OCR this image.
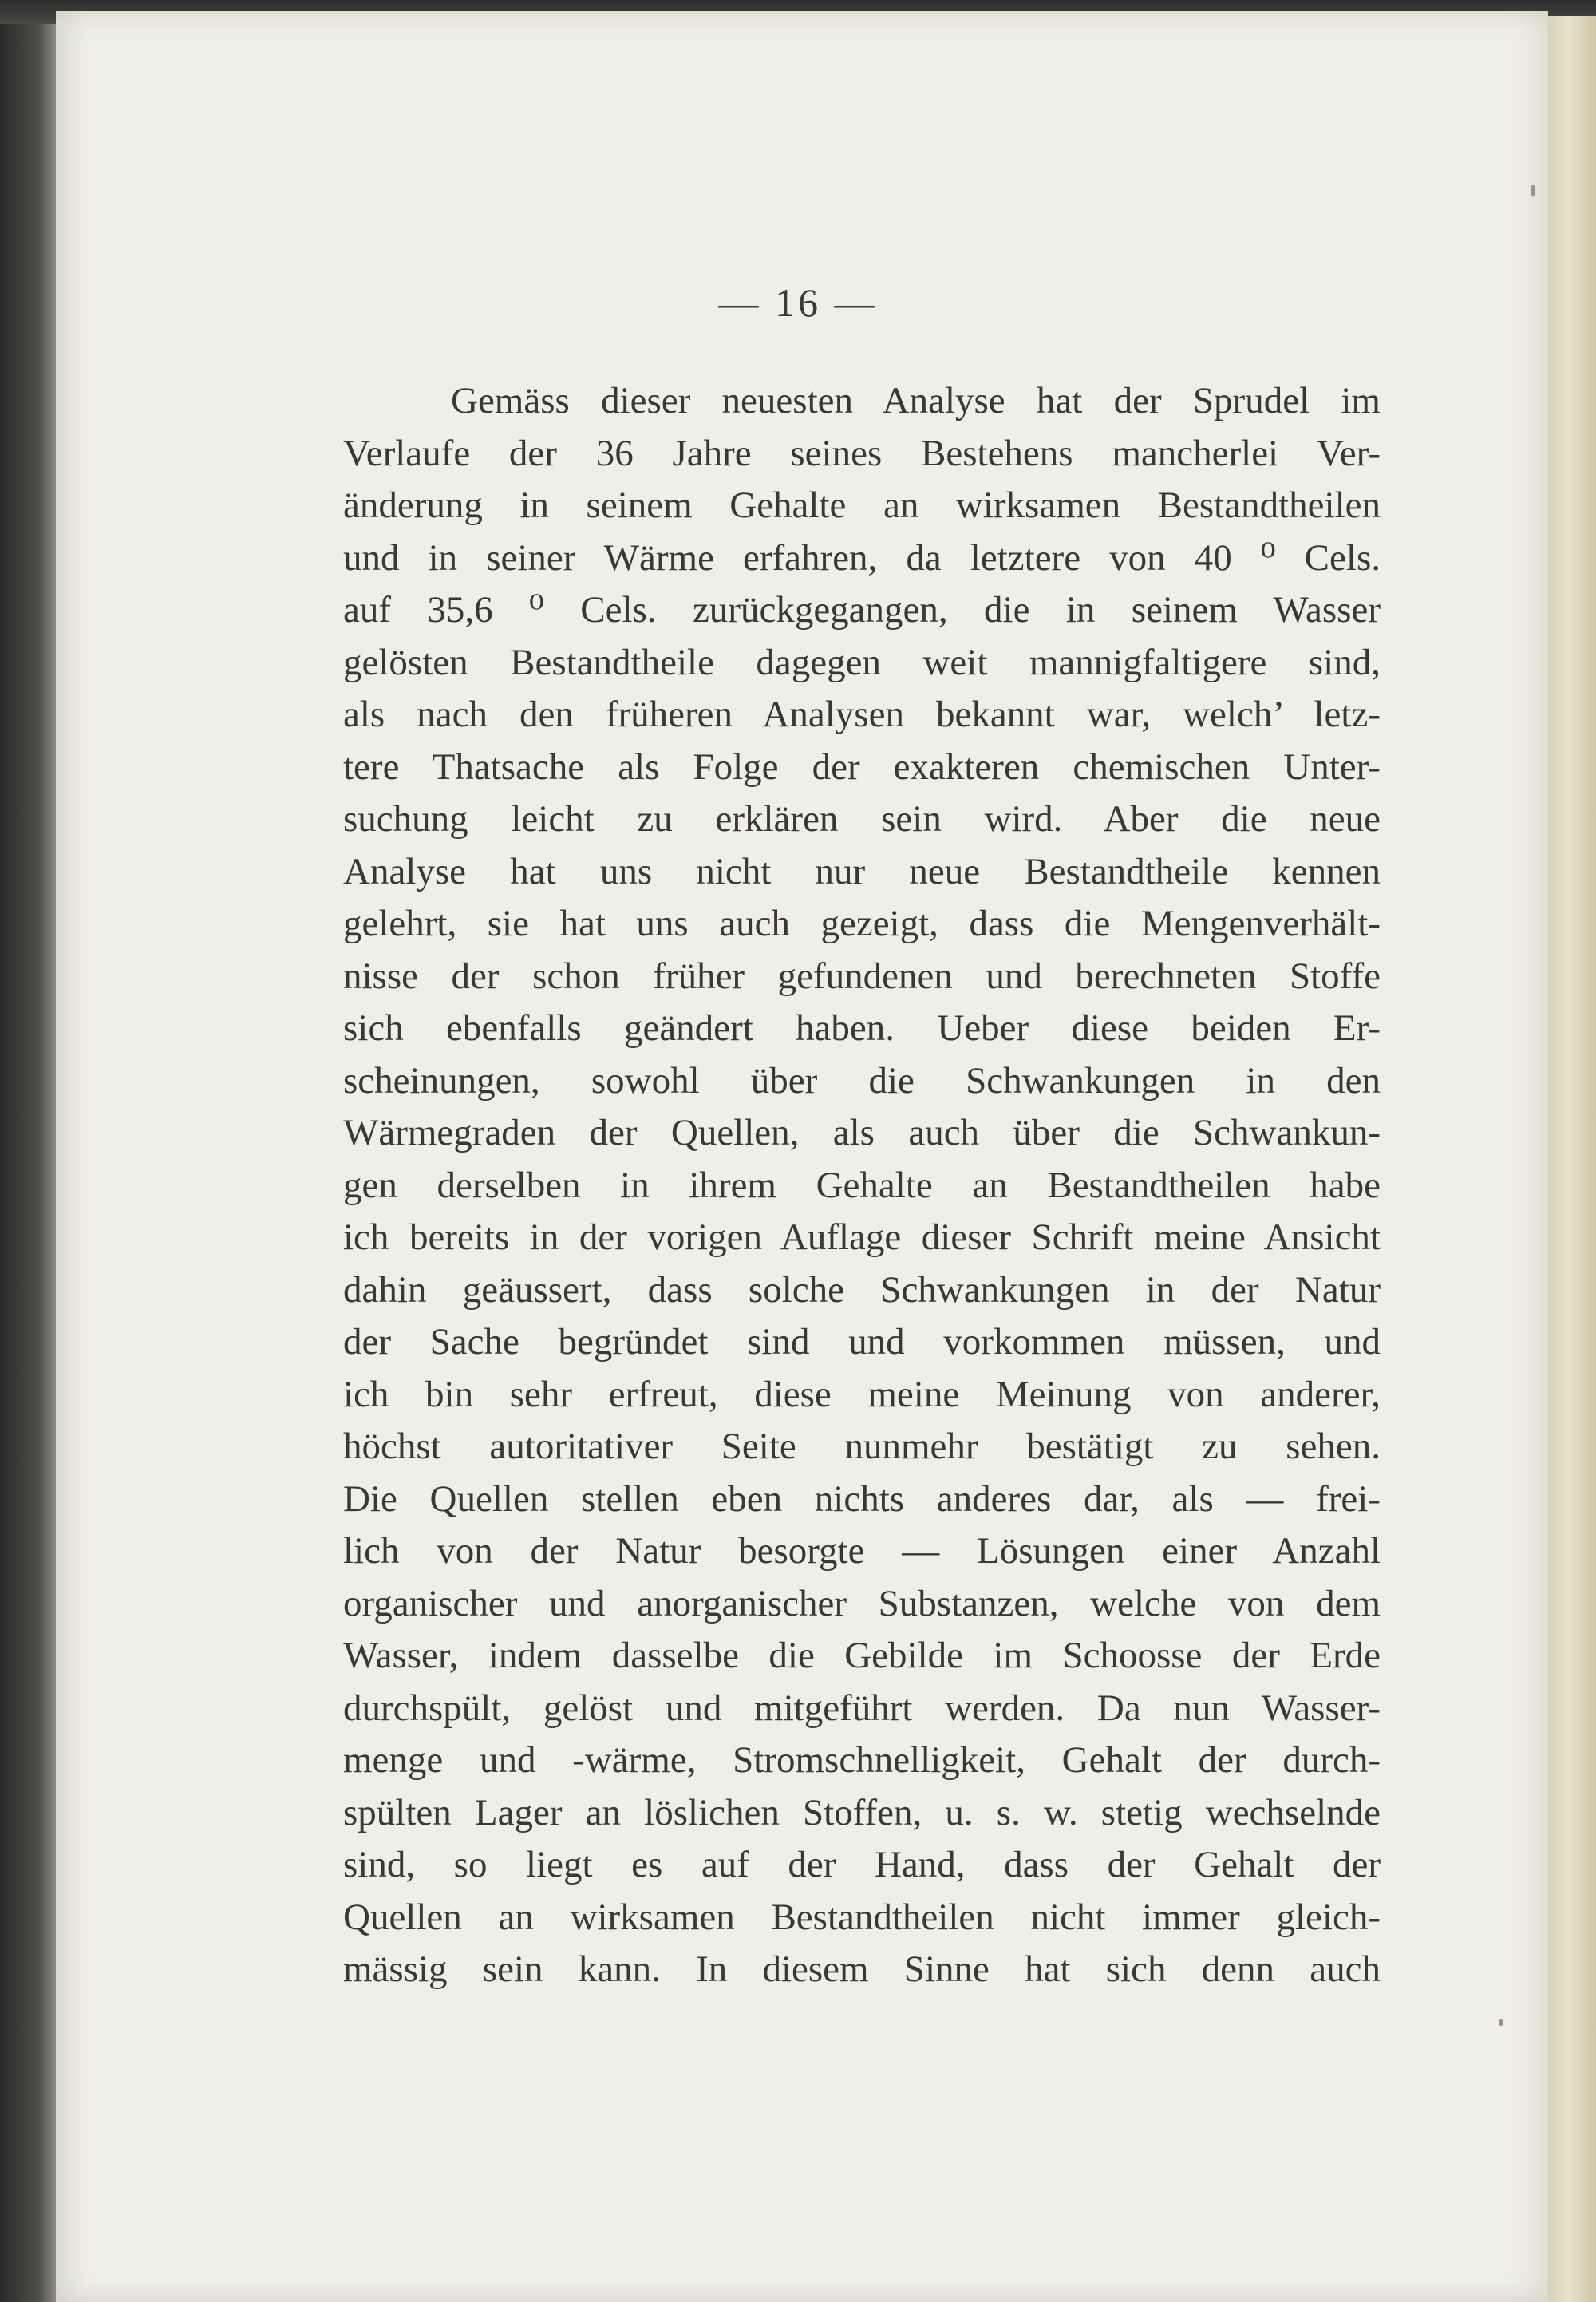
— 16 —
Gemäss dieser neuesten Analyse hat der Sprudel im
Verlaufe der 36 Jahre seines Bestehens mancherlei Ver-
änderung in seinem Gehalte an wirksamen Bestandtheilen
und in seiner Wärme erfahren, da letztere von 40 ⁰ Cels.
auf 35,6 ⁰ Cels. zurückgegangen, die in seinem Wasser
gelösten Bestandtheile dagegen weit mannigfaltigere sind,
als nach den früheren Analysen bekannt war, welch’ letz-
tere Thatsache als Folge der exakteren chemischen Unter-
suchung leicht zu erklären sein wird. Aber die neue
Analyse hat uns nicht nur neue Bestandtheile kennen
gelehrt, sie hat uns auch gezeigt, dass die Mengenverhält-
nisse der schon früher gefundenen und berechneten Stoffe
sich ebenfalls geändert haben. Ueber diese beiden Er-
scheinungen, sowohl über die Schwankungen in den
Wärmegraden der Quellen, als auch über die Schwankun-
gen derselben in ihrem Gehalte an Bestandtheilen habe
ich bereits in der vorigen Auflage dieser Schrift meine Ansicht
dahin geäussert, dass solche Schwankungen in der Natur
der Sache begründet sind und vorkommen müssen, und
ich bin sehr erfreut, diese meine Meinung von anderer,
höchst autoritativer Seite nunmehr bestätigt zu sehen.
Die Quellen stellen eben nichts anderes dar, als — frei-
lich von der Natur besorgte — Lösungen einer Anzahl
organischer und anorganischer Substanzen, welche von dem
Wasser, indem dasselbe die Gebilde im Schoosse der Erde
durchspült, gelöst und mitgeführt werden. Da nun Wasser-
menge und -wärme, Stromschnelligkeit, Gehalt der durch-
spülten Lager an löslichen Stoffen, u. s. w. stetig wechselnde
sind, so liegt es auf der Hand, dass der Gehalt der
Quellen an wirksamen Bestandtheilen nicht immer gleich-
mässig sein kann. In diesem Sinne hat sich denn auch
